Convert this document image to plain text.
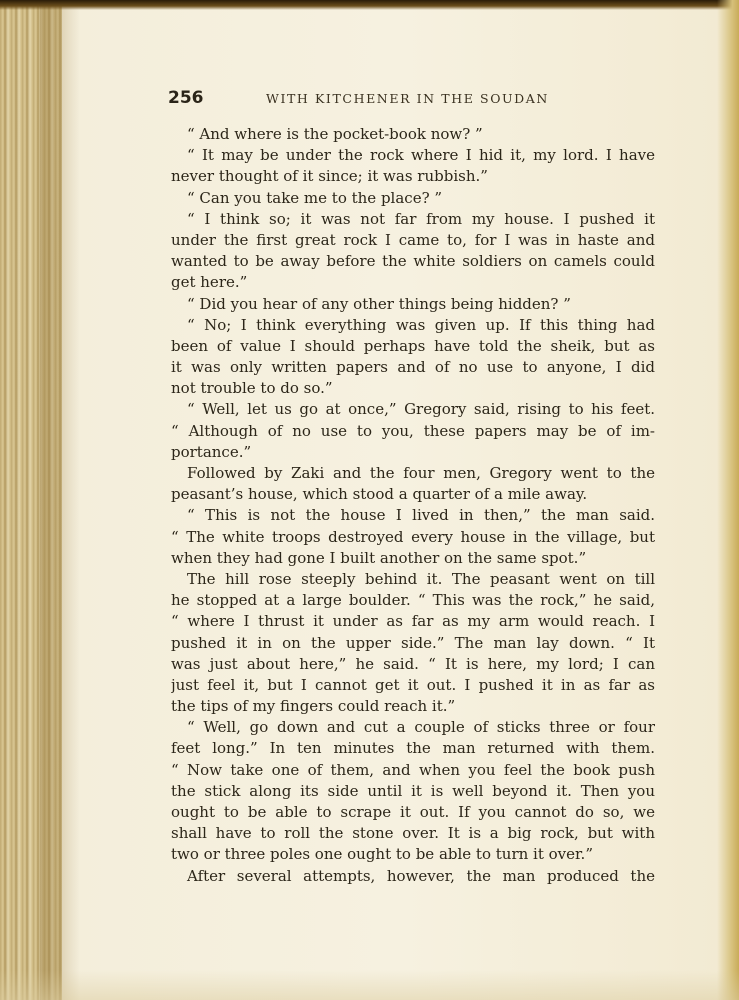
256	WITH KITCHENER IN THE SOUDAN
“ And where is the pocket-book now? ”
“ It may be under the rock where I hid it, my lord. I have
never thought of it since; it was rubbish.”
“ Can you take me to the place? ”
“ I think so; it was not far from my house. I pushed it
under the first great rock I came to, for I was in haste and
wanted to be away before the white soldiers on camels could
get here.”
“ Did you hear of any other things being hidden? ”
“ No; I think everything was given up. If this thing had
been of value I should perhaps have told the sheik, but as
it was only written papers and of no use to anyone, I did
not trouble to do so.”
“ Well, let us go at once,” Gregory said, rising to his feet.
“ Although of no use to you, these papers may be of im-
portance.”
Followed by Zaki and the four men, Gregory went to the
peasant’s house, which stood a quarter of a mile away.
“ This is not the house I lived in then,” the man said.
“ The white troops destroyed every house in the village, but
when they had gone I built another on the same spot.”
The hill rose steeply behind it. The peasant went on till
he stopped at a large boulder. “ This was the rock,” he said,
“ where I thrust it under as far as my arm would reach. I
pushed it in on the upper side.” The man lay down. “ It
was just about here,” he said. “ It is here, my lord; I can
just feel it, but I cannot get it out. I pushed it in as far as
the tips of my fingers could reach it.”
“ Well, go down and cut a couple of sticks three or four
feet long.” In ten minutes the man returned with them.
“ Now take one of them, and when you feel the book push
the stick along its side until it is well beyond it. Then you
ought to be able to scrape it out. If you cannot do so, we
shall have to roll the stone over. It is a big rock, but with
two or three poles one ought to be able to turn it over.”
After several attempts, however, the man produced the
